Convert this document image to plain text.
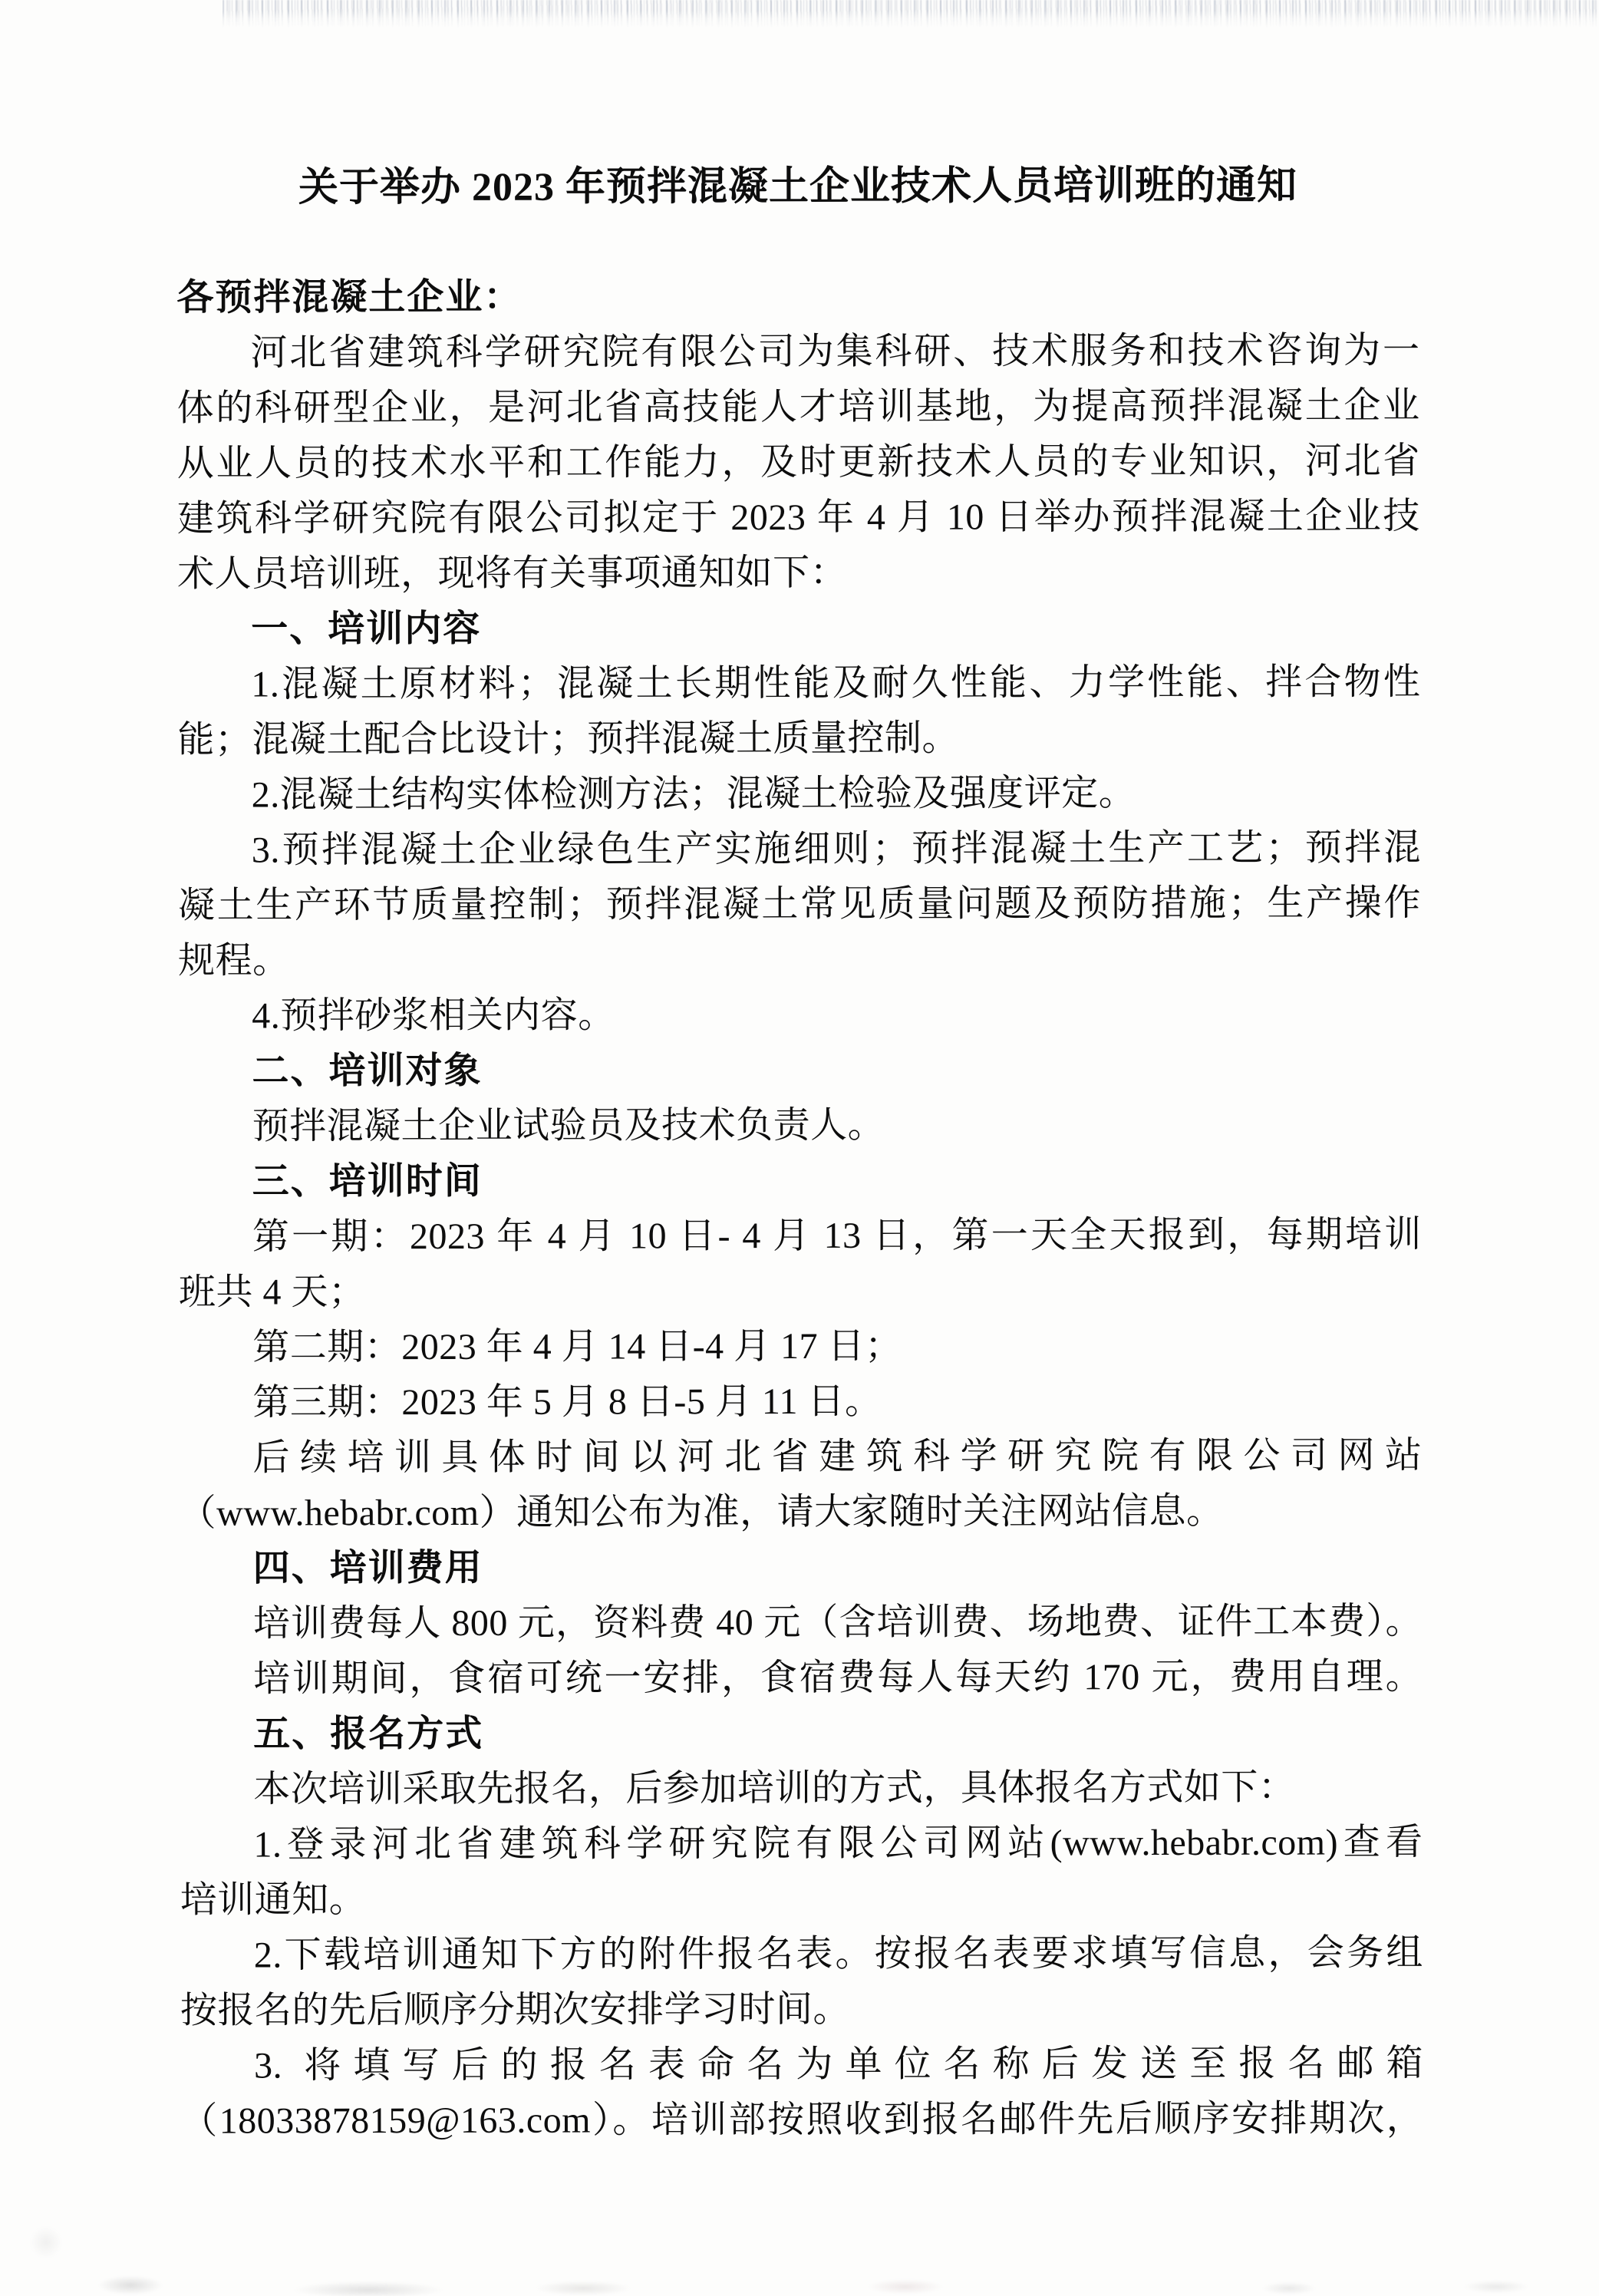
关于举办 2023 年预拌混凝土企业技术人员培训班的通知
各预拌混凝土企业：
河北省建筑科学研究院有限公司为集科研、技术服务和技术咨询为一
体的科研型企业，是河北省高技能人才培训基地，为提高预拌混凝土企业
从业人员的技术水平和工作能力，及时更新技术人员的专业知识，河北省
建筑科学研究院有限公司拟定于 2023 年 4 月 10 日举办预拌混凝土企业技
术人员培训班，现将有关事项通知如下：
一、培训内容
1.混凝土原材料；混凝土长期性能及耐久性能、力学性能、拌合物性
能；混凝土配合比设计；预拌混凝土质量控制。
2.混凝土结构实体检测方法；混凝土检验及强度评定。
3.预拌混凝土企业绿色生产实施细则；预拌混凝土生产工艺；预拌混
凝土生产环节质量控制；预拌混凝土常见质量问题及预防措施；生产操作
规程。
4.预拌砂浆相关内容。
二、培训对象
预拌混凝土企业试验员及技术负责人。
三、培训时间
第一期：2023 年 4 月 10 日- 4 月 13 日，第一天全天报到，每期培训
班共 4 天；
第二期：2023 年 4 月 14 日-4 月 17 日；
第三期：2023 年 5 月 8 日-5 月 11 日。
后续培训具体时间以河北省建筑科学研究院有限公司网站
（www.hebabr.com）通知公布为准，请大家随时关注网站信息。
四、培训费用
培训费每人 800 元，资料费 40 元（含培训费、场地费、证件工本费）。
培训期间，食宿可统一安排，食宿费每人每天约 170 元，费用自理。
五、报名方式
本次培训采取先报名，后参加培训的方式，具体报名方式如下：
1.登录河北省建筑科学研究院有限公司网站(www.hebabr.com)查看
培训通知。
2.下载培训通知下方的附件报名表。按报名表要求填写信息，会务组
按报名的先后顺序分期次安排学习时间。
3. 将填写后的报名表命名为单位名称后发送至报名邮箱
（18033878159@163.com）。培训部按照收到报名邮件先后顺序安排期次，
